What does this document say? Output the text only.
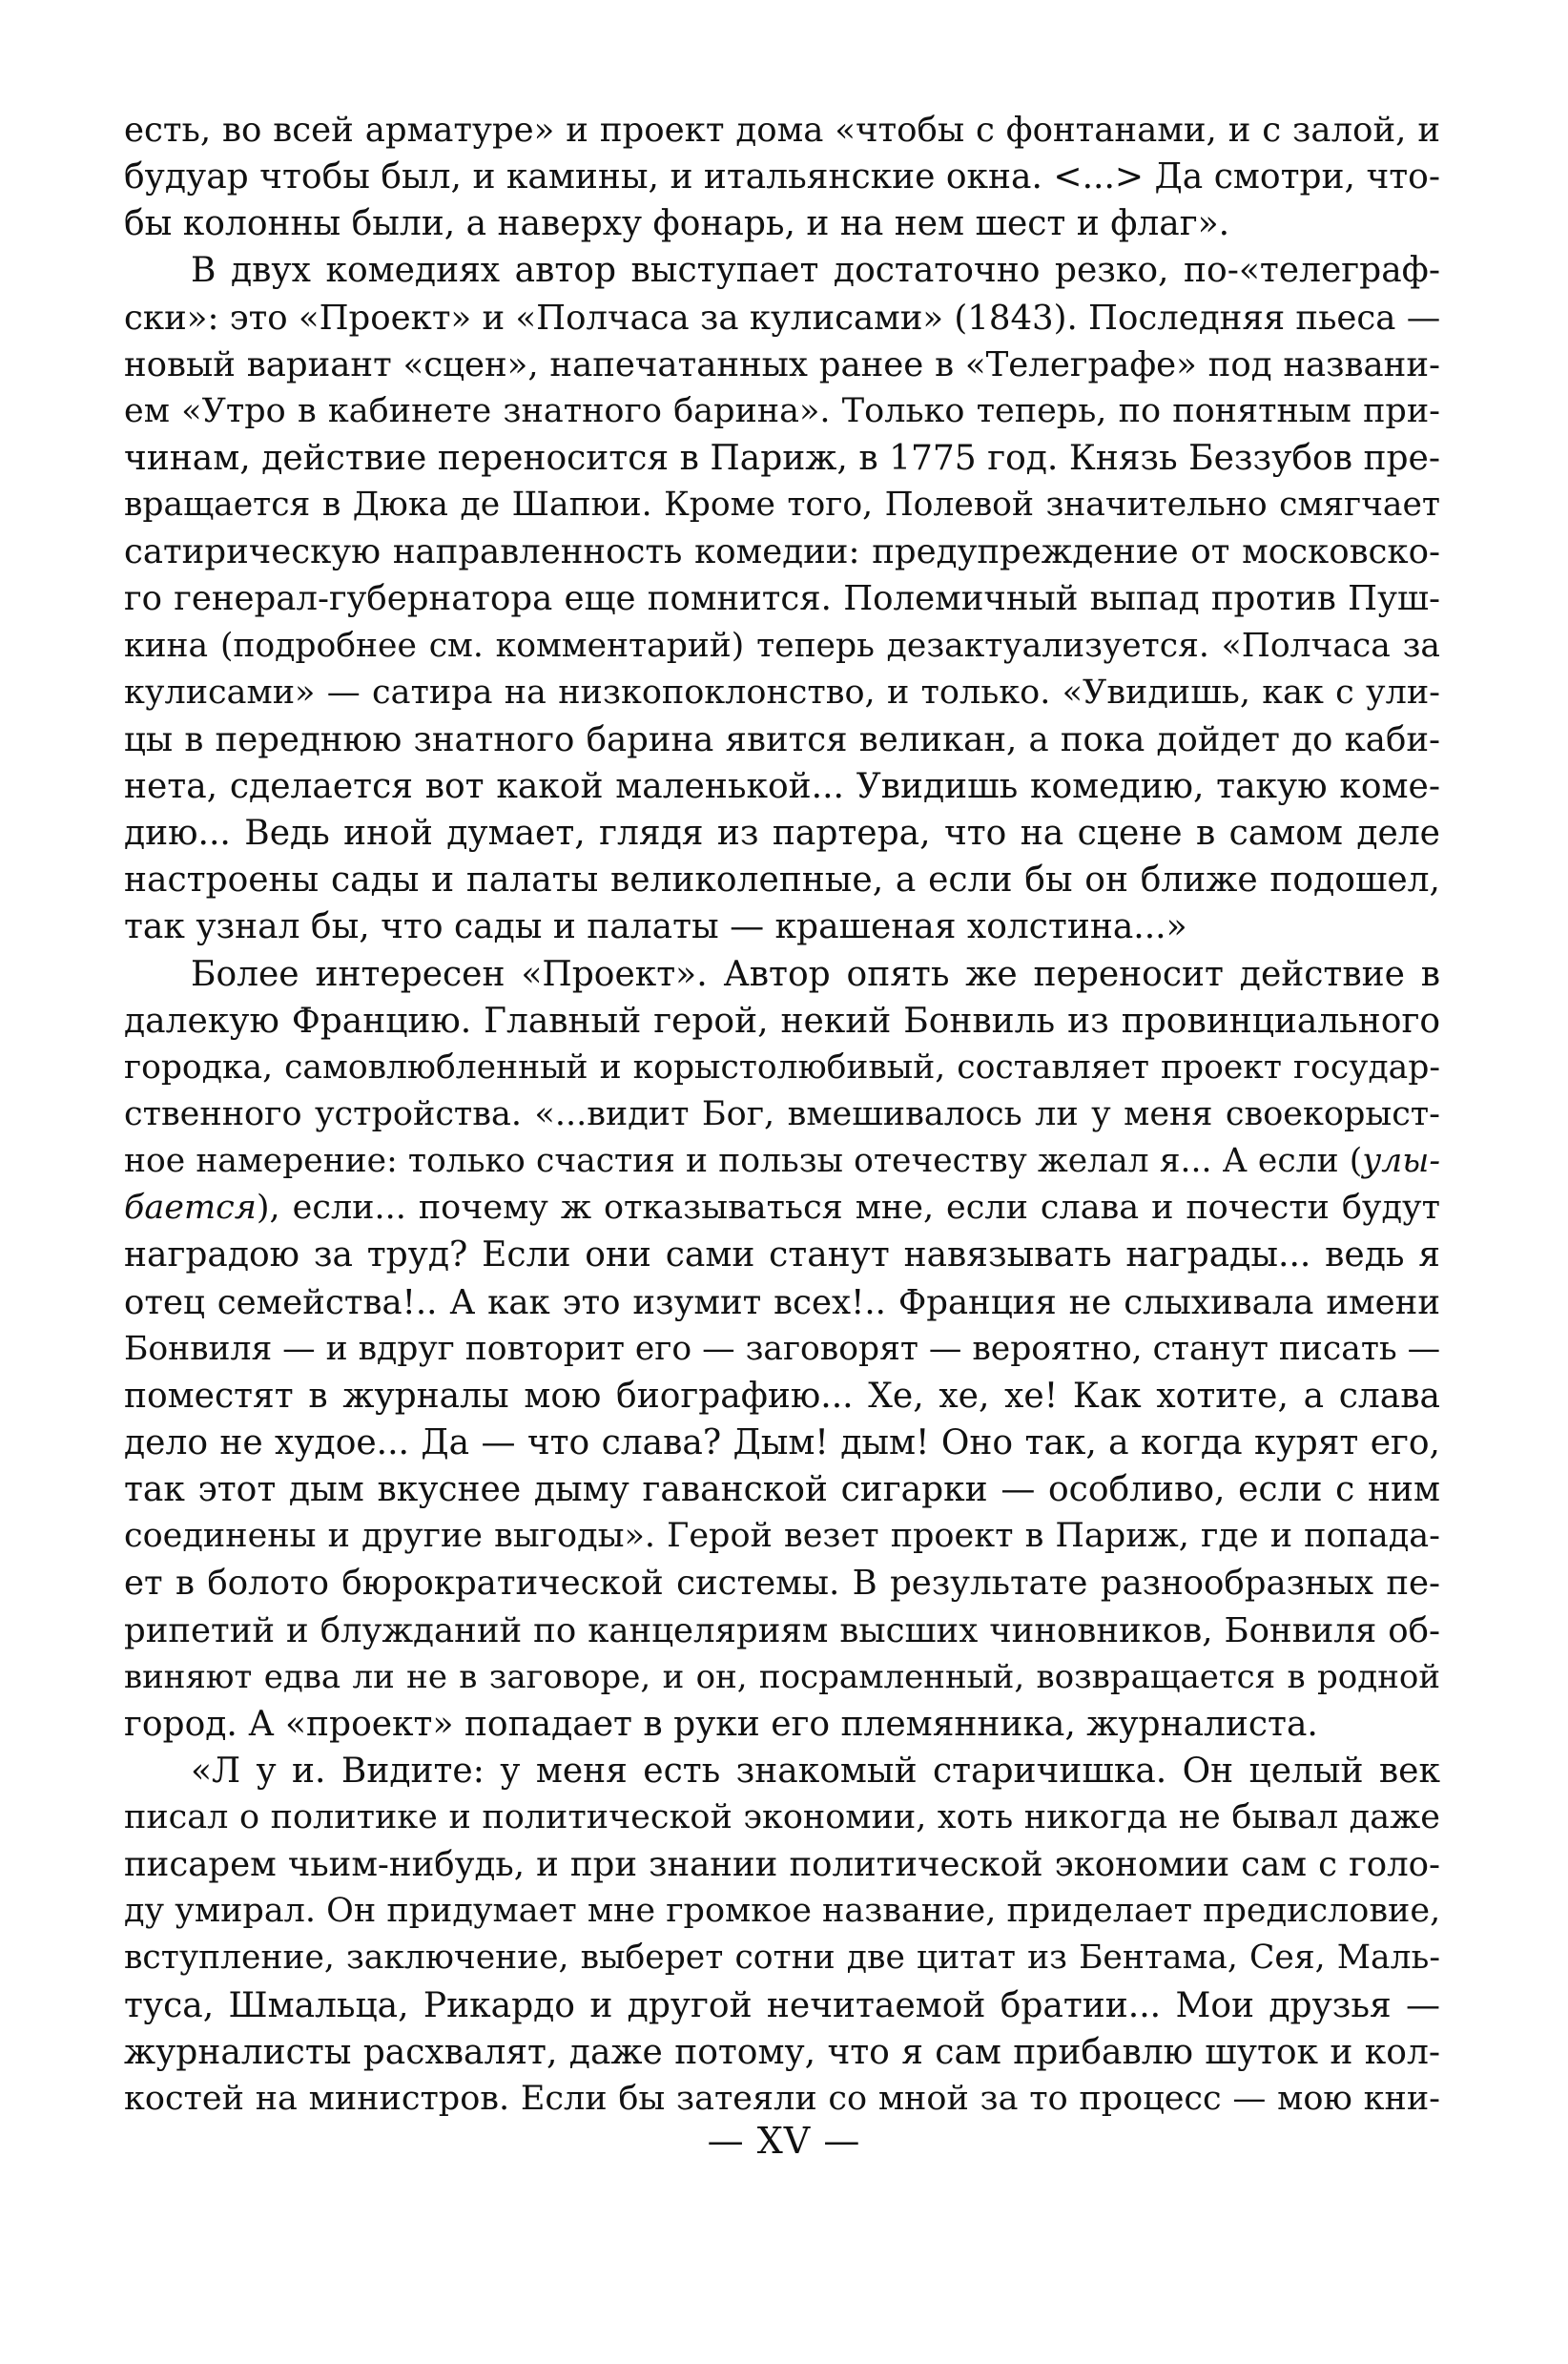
есть, во всей арматуре» и проект дома «чтобы с фонтанами, и с залой, и
будуар чтобы был, и камины, и итальянские окна. <...> Да смотри, что-
бы колонны были, а наверху фонарь, и на нем шест и флаг».
В двух комедиях автор выступает достаточно резко, по-«телеграф-
ски»: это «Проект» и «Полчаса за кулисами» (1843). Последняя пьеса —
новый вариант «сцен», напечатанных ранее в «Телеграфе» под названи-
ем «Утро в кабинете знатного барина». Только теперь, по понятным при-
чинам, действие переносится в Париж, в 1775 год. Князь Беззубов пре-
вращается в Дюка де Шапюи. Кроме того, Полевой значительно смягчает
сатирическую направленность комедии: предупреждение от московско-
го генерал-губернатора еще помнится. Полемичный выпад против Пуш-
кина (подробнее см. комментарий) теперь дезактуализуется. «Полчаса за
кулисами» — сатира на низкопоклонство, и только. «Увидишь, как с ули-
цы в переднюю знатного барина явится великан, а пока дойдет до каби-
нета, сделается вот какой маленькой... Увидишь комедию, такую коме-
дию... Ведь иной думает, глядя из партера, что на сцене в самом деле
настроены сады и палаты великолепные, а если бы он ближе подошел,
так узнал бы, что сады и палаты — крашеная холстина...»
Более интересен «Проект». Автор опять же переносит действие в
далекую Францию. Главный герой, некий Бонвиль из провинциального
городка, самовлюбленный и корыстолюбивый, составляет проект государ-
ственного устройства. «...видит Бог, вмешивалось ли у меня своекорыст-
ное намерение: только счастия и пользы отечеству желал я... А если (улы-
бается), если... почему ж отказываться мне, если слава и почести будут
наградою за труд? Если они сами станут навязывать награды... ведь я
отец семейства!.. А как это изумит всех!.. Франция не слыхивала имени
Бонвиля — и вдруг повторит его — заговорят — вероятно, станут писать —
поместят в журналы мою биографию... Хе, хе, хе! Как хотите, а слава
дело не худое... Да — что слава? Дым! дым! Оно так, а когда курят его,
так этот дым вкуснее дыму гаванской сигарки — особливо, если с ним
соединены и другие выгоды». Герой везет проект в Париж, где и попада-
ет в болото бюрократической системы. В результате разнообразных пе-
рипетий и блужданий по канцеляриям высших чиновников, Бонвиля об-
виняют едва ли не в заговоре, и он, посрамленный, возвращается в родной
город. А «проект» попадает в руки его племянника, журналиста.
«Л у и. Видите: у меня есть знакомый старичишка. Он целый век
писал о политике и политической экономии, хоть никогда не бывал даже
писарем чьим-нибудь, и при знании политической экономии сам с голо-
ду умирал. Он придумает мне громкое название, приделает предисловие,
вступление, заключение, выберет сотни две цитат из Бентама, Сея, Маль-
туса, Шмальца, Рикардо и другой нечитаемой братии... Мои друзья —
журналисты расхвалят, даже потому, что я сам прибавлю шуток и кол-
костей на министров. Если бы затеяли со мной за то процесс — мою кни-
— XV —
